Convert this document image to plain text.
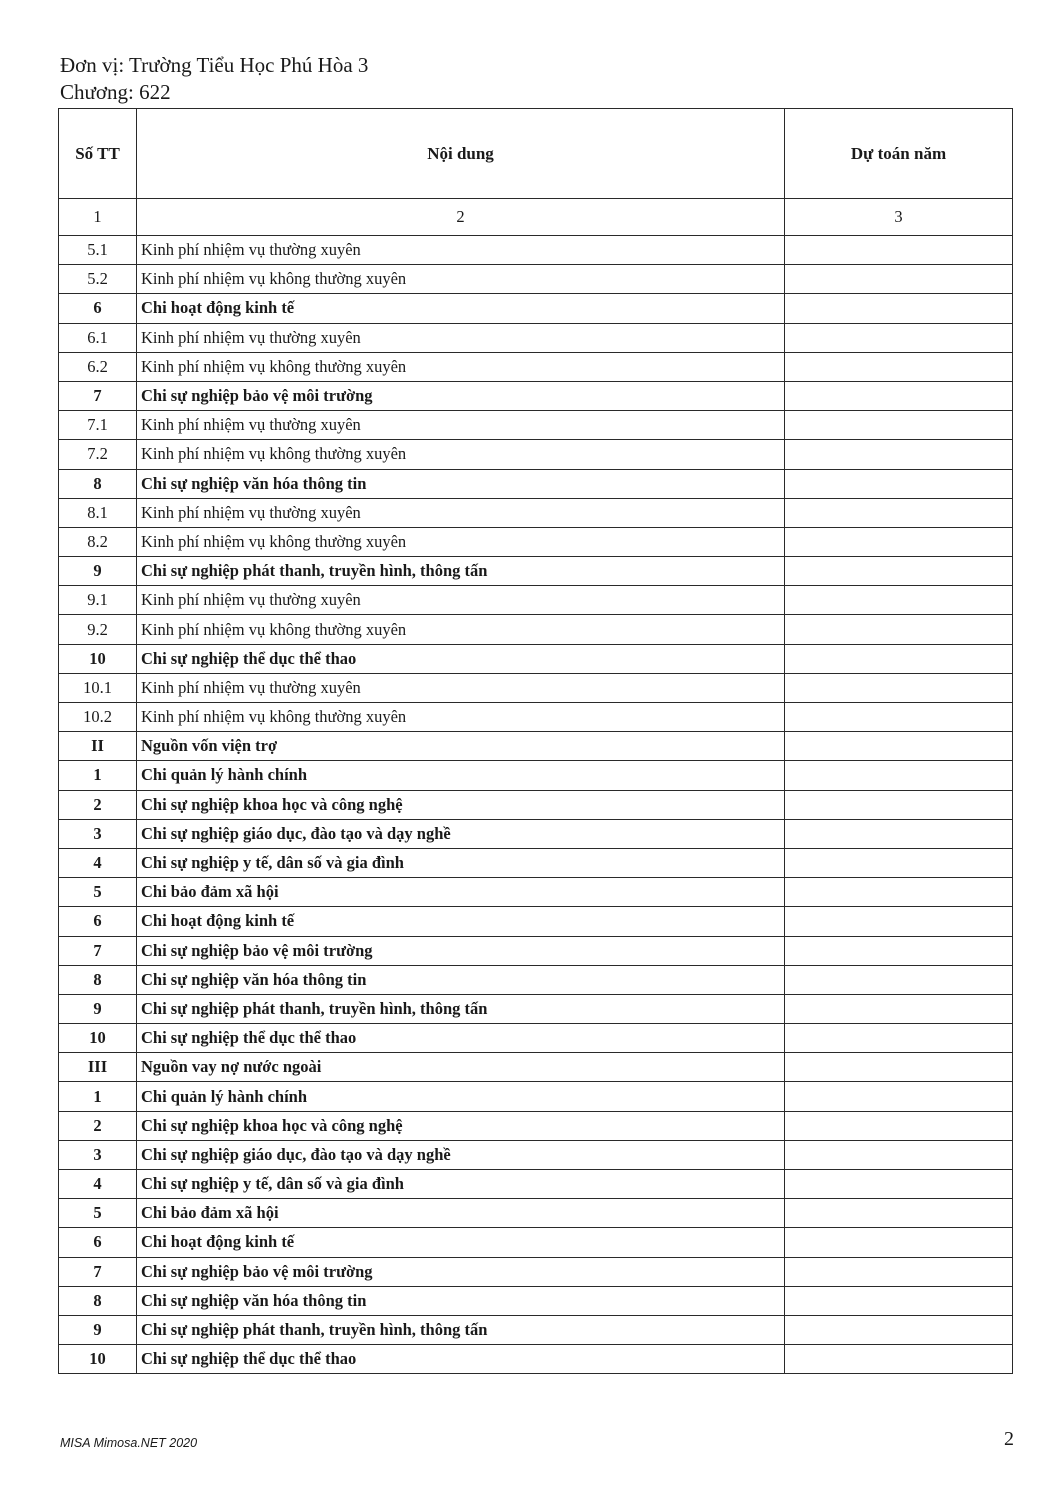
Đơn vị: Trường Tiểu Học Phú Hòa 3
Chương: 622
Số TT	Nội dung	Dự toán năm
1	2	3
5.1	Kinh phí nhiệm vụ thường xuyên	
5.2	Kinh phí nhiệm vụ không thường xuyên	
6	Chi hoạt động kinh tế	
6.1	Kinh phí nhiệm vụ thường xuyên	
6.2	Kinh phí nhiệm vụ không thường xuyên	
7	Chi sự nghiệp bảo vệ môi trường	
7.1	Kinh phí nhiệm vụ thường xuyên	
7.2	Kinh phí nhiệm vụ không thường xuyên	
8	Chi sự nghiệp văn hóa thông tin	
8.1	Kinh phí nhiệm vụ thường xuyên	
8.2	Kinh phí nhiệm vụ không thường xuyên	
9	Chi sự nghiệp phát thanh, truyền hình, thông tấn	
9.1	Kinh phí nhiệm vụ thường xuyên	
9.2	Kinh phí nhiệm vụ không thường xuyên	
10	Chi sự nghiệp thể dục thể thao	
10.1	Kinh phí nhiệm vụ thường xuyên	
10.2	Kinh phí nhiệm vụ không thường xuyên	
II	Nguồn vốn viện trợ	
1	Chi quản lý hành chính	
2	Chi sự nghiệp khoa học và công nghệ	
3	Chi sự nghiệp giáo dục, đào tạo và dạy nghề	
4	Chi sự nghiệp y tế, dân số và gia đình	
5	Chi bảo đảm xã hội	
6	Chi hoạt động kinh tế	
7	Chi sự nghiệp bảo vệ môi trường	
8	Chi sự nghiệp văn hóa thông tin	
9	Chi sự nghiệp phát thanh, truyền hình, thông tấn	
10	Chi sự nghiệp thể dục thể thao	
III	Nguồn vay nợ nước ngoài	
1	Chi quản lý hành chính	
2	Chi sự nghiệp khoa học và công nghệ	
3	Chi sự nghiệp giáo dục, đào tạo và dạy nghề	
4	Chi sự nghiệp y tế, dân số và gia đình	
5	Chi bảo đảm xã hội	
6	Chi hoạt động kinh tế	
7	Chi sự nghiệp bảo vệ môi trường	
8	Chi sự nghiệp văn hóa thông tin	
9	Chi sự nghiệp phát thanh, truyền hình, thông tấn	
10	Chi sự nghiệp thể dục thể thao	
MISA Mimosa.NET 2020	2
